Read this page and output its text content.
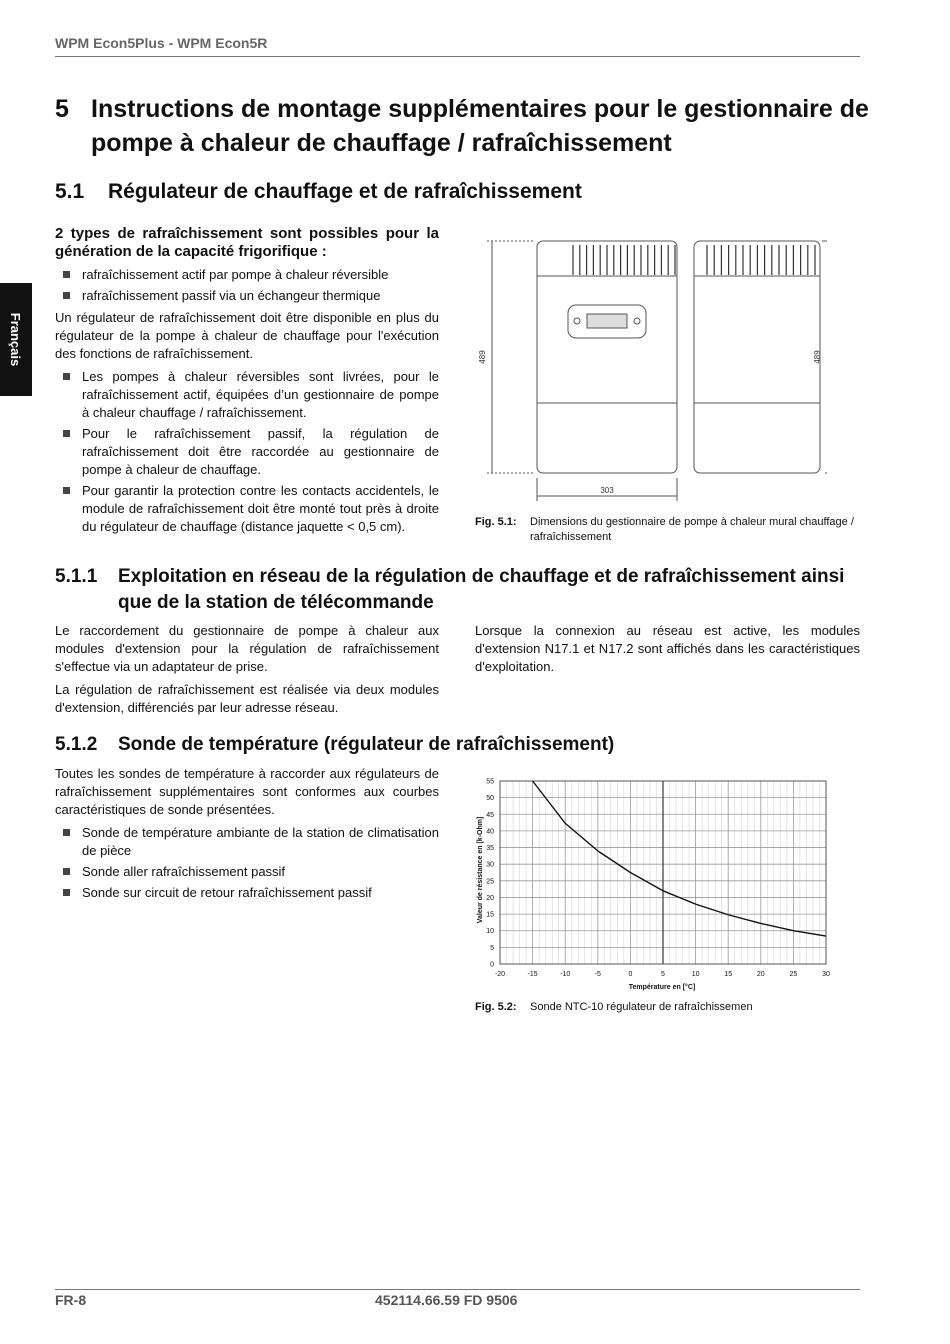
WPM Econ5Plus - WPM Econ5R
Français
5 Instructions de montage supplémentaires pour le gestionnaire de pompe à chaleur de chauffage / rafraîchissement
5.1	Régulateur de chauffage et de rafraîchissement

2 types de rafraîchissement sont possibles pour la génération de la capacité frigorifique :

rafraîchissement actif par pompe à chaleur réversible
rafraîchissement passif via un échangeur thermique

Un régulateur de rafraîchissement doit être disponible en plus du régulateur de la pompe à chaleur de chauffage pour l'exécution des fonctions de rafraîchissement.

Les pompes à chaleur réversibles sont livrées, pour le rafraîchissement actif, équipées d’un gestionnaire de pompe à chaleur chauffage / rafraîchissement.
Pour le rafraîchissement passif, la régulation de rafraîchissement doit être raccordée au gestionnaire de pompe à chaleur de chauffage.
Pour garantir la protection contre les contacts accidentels, le module de rafraîchissement doit être monté tout près à droite du régulateur de chauffage (distance jaquette < 0,5 cm).
489	489
303
Fig. 5.1:	Dimensions du gestionnaire de pompe à chaleur mural chauffage / rafraîchissement
5.1.1	Exploitation en réseau de la régulation de chauffage et de rafraîchissement ainsi que de la station de télécommande

Le raccordement du gestionnaire de pompe à chaleur aux modules d'extension pour la régulation de rafraîchissement s'effectue via un adaptateur de prise.

La régulation de rafraîchissement est réalisée via deux modules d'extension, différenciés par leur adresse réseau.

Lorsque la connexion au réseau est active, les modules d'extension N17.1 et N17.2 sont affichés dans les caractéristiques d'exploitation.

5.1.2	Sonde de température (régulateur de rafraîchissement)

Toutes les sondes de température à raccorder aux régulateurs de rafraîchissement supplémentaires sont conformes aux courbes caractéristiques de sonde présentées.

Sonde de température ambiante de la station de climatisation de pièce
Sonde aller rafraîchissement passif
Sonde sur circuit de retour rafraîchissement passif
-20	-15	-10	-5	0	5	10	15	20	25	30
0
5
10
15
20
25
30
35
40
45
50
55
Température en [°C]
Valeur de résistance en [k-Ohm]
Fig. 5.2:	Sonde NTC-10 régulateur de rafraîchissemen
FR-8	452114.66.59 FD 9506
